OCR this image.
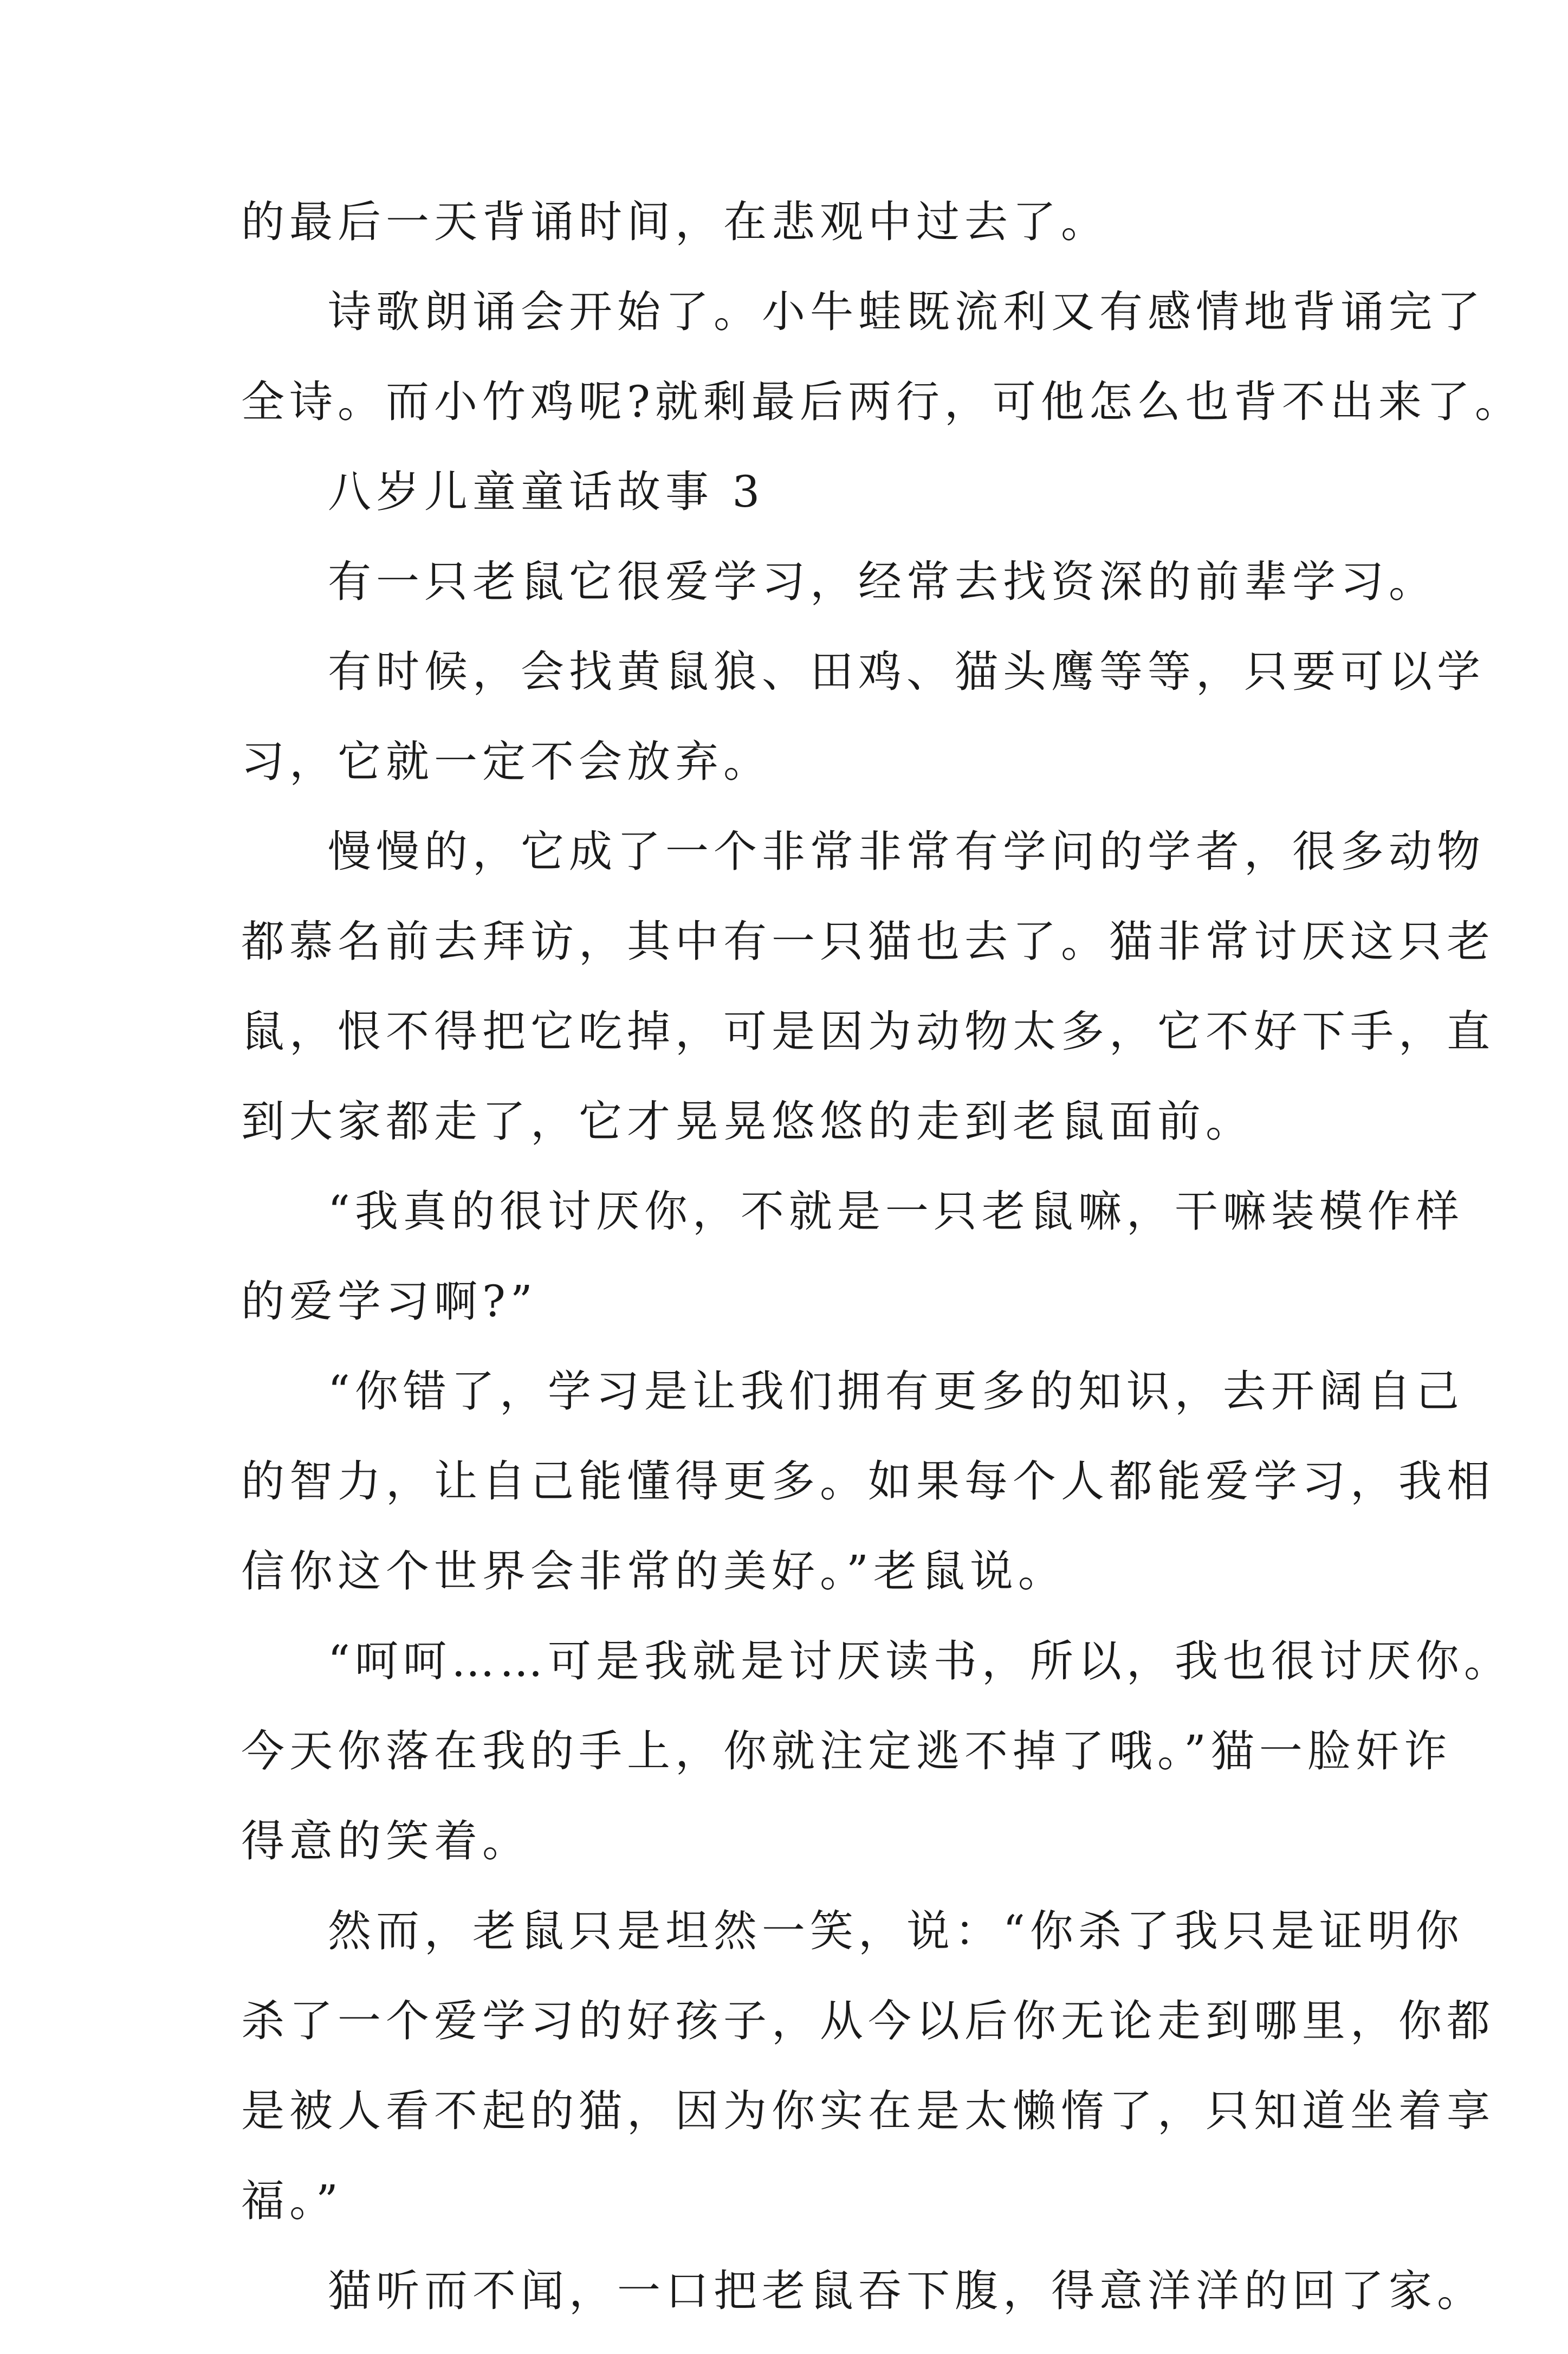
的最后一天背诵时间，在悲观中过去了。
诗歌朗诵会开始了。小牛蛙既流利又有感情地背诵完了
全诗。而小竹鸡呢?就剩最后两行，可他怎么也背不出来了。
八岁儿童童话故事 3
有一只老鼠它很爱学习，经常去找资深的前辈学习。
有时候，会找黄鼠狼、田鸡、猫头鹰等等，只要可以学
习，它就一定不会放弃。
慢慢的，它成了一个非常非常有学问的学者，很多动物
都慕名前去拜访，其中有一只猫也去了。猫非常讨厌这只老
鼠，恨不得把它吃掉，可是因为动物太多，它不好下手，直
到大家都走了，它才晃晃悠悠的走到老鼠面前。
“我真的很讨厌你，不就是一只老鼠嘛，干嘛装模作样
的爱学习啊?”
“你错了，学习是让我们拥有更多的知识，去开阔自己
的智力，让自己能懂得更多。如果每个人都能爱学习，我相
信你这个世界会非常的美好。”老鼠说。
“呵呵……可是我就是讨厌读书，所以，我也很讨厌你。
今天你落在我的手上，你就注定逃不掉了哦。”猫一脸奸诈
得意的笑着。
然而，老鼠只是坦然一笑，说：“你杀了我只是证明你
杀了一个爱学习的好孩子，从今以后你无论走到哪里，你都
是被人看不起的猫，因为你实在是太懒惰了，只知道坐着享
福。”
猫听而不闻，一口把老鼠吞下腹，得意洋洋的回了家。
